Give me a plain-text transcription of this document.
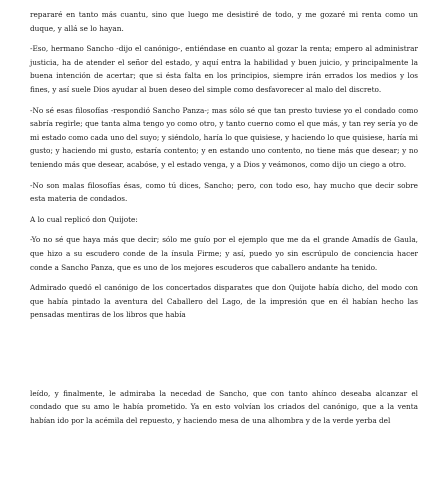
repararé en tanto más cuantu, sino que luego me desistiré de todo, y me gozaré mi renta como un duque, y allá se lo hayan.

-Eso, hermano Sancho -dijo el canónigo-, entiéndase en cuanto al gozar la renta; empero al administrar justicia, ha de atender el señor del estado, y aquí entra la habilidad y buen juicio, y principalmente la buena intención de acertar; que si ésta falta en los principios, siempre irán errados los medios y los fines, y así suele Dios ayudar al buen deseo del simple como desfavorecer al malo del discreto.

-No sé esas filosofías -respondió Sancho Panza-; mas sólo sé que tan presto tuviese yo el condado como sabría regirle; que tanta alma tengo yo como otro, y tanto cuerno como el que más, y tan rey sería yo de mi estado como cada uno del suyo; y siéndolo, haría lo que quisiese, y haciendo lo que quisiese, haría mi gusto; y haciendo mi gusto, estaría contento; y en estando uno contento, no tiene más que desear; y no teniendo más que desear, acabóse, y el estado venga, y a Dios y veámonos, como dijo un ciego a otro.

-No son malas filosofías ésas, como tú dices, Sancho; pero, con todo eso, hay mucho que decir sobre esta materia de condados.

A lo cual replicó don Quijote:

-Yo no sé que haya más que decir; sólo me guío por el ejemplo que me da el grande Amadís de Gaula, que hizo a su escudero conde de la ínsula Firme; y así, puedo yo sin escrúpulo de conciencia hacer conde a Sancho Panza, que es uno de los mejores escuderos que caballero andante ha tenido.

Admirado quedó el canónigo de los concertados disparates que don Quijote había dicho, del modo con que había pintado la aventura del Caballero del Lago, de la impresión que en él habían hecho las pensadas mentiras de los libros que había

leído, y finalmente, le admiraba la necedad de Sancho, que con tanto ahínco deseaba alcanzar el condado que su amo le había prometido. Ya en esto volvían los criados del canónigo, que a la venta habían ido por la acémila del repuesto, y haciendo mesa de una alhombra y de la verde yerba del
